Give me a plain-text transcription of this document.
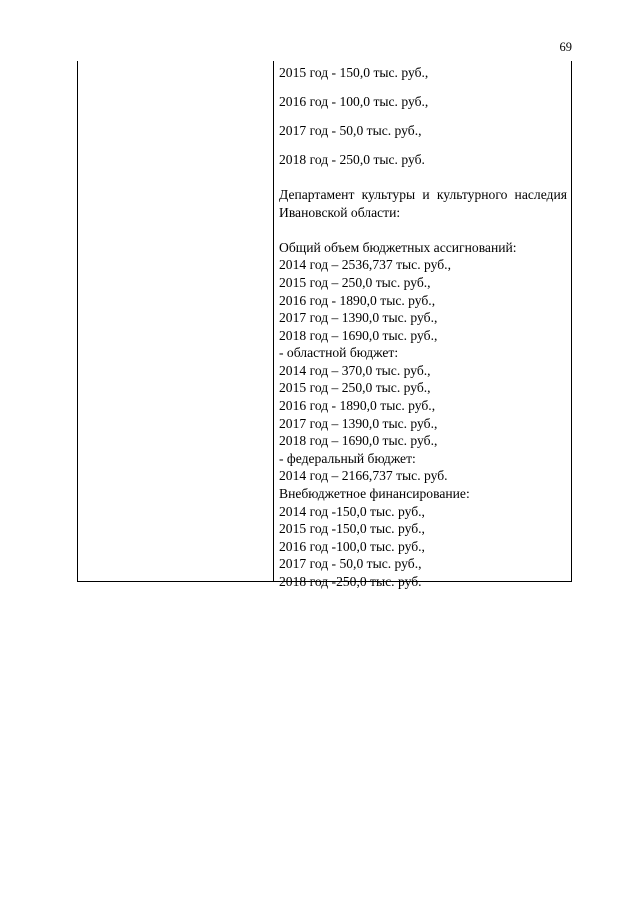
69
2015 год - 150,0 тыс. руб.,
2016 год - 100,0 тыс. руб.,
2017 год - 50,0 тыс. руб.,
2018 год - 250,0 тыс. руб.
Департамент культуры и культурного наследия Ивановской области:
Общий объем бюджетных ассигнований:
2014 год – 2536,737 тыс. руб.,
2015 год – 250,0 тыс. руб.,
2016 год - 1890,0 тыс. руб.,
2017 год – 1390,0 тыс. руб.,
2018 год – 1690,0 тыс. руб.,
- областной бюджет:
2014 год – 370,0 тыс. руб.,
2015 год – 250,0 тыс. руб.,
2016 год - 1890,0 тыс. руб.,
2017 год – 1390,0 тыс. руб.,
2018 год – 1690,0 тыс. руб.,
- федеральный бюджет:
2014 год – 2166,737 тыс. руб.
Внебюджетное финансирование:
2014 год -150,0 тыс. руб.,
2015 год -150,0 тыс. руб.,
2016 год -100,0 тыс. руб.,
2017 год - 50,0 тыс. руб.,
2018 год -250,0 тыс. руб.
